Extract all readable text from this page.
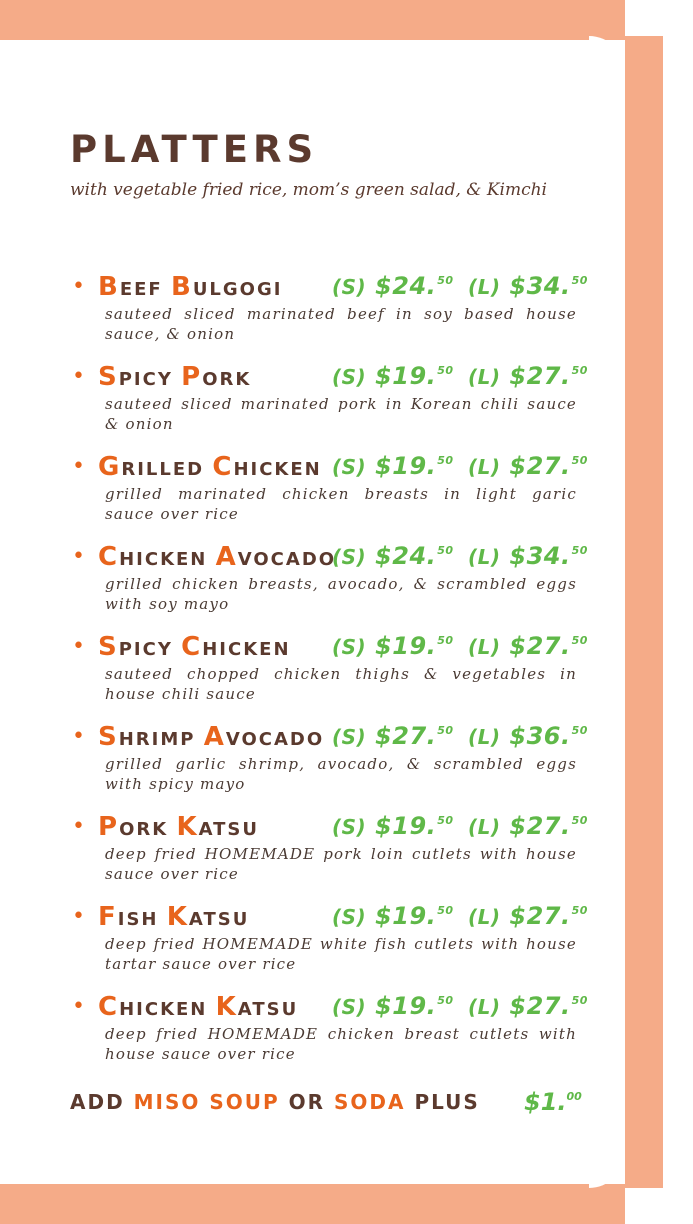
PLATTERS
with vegetable fried rice, mom’s green salad, & Kimchi
• BEEF BULGOGI (S) $24.50 (L) $34.50
sauteed sliced marinated beef in soy based house sauce, & onion
• SPICY PORK	(S) $19.50 (L) $27.50
sauteed sliced marinated pork in Korean chili sauce & onion
• GRILLED CHICKEN (S) $19.50 (L) $27.50
grilled marinated chicken breasts in light garic sauce over rice
• CHICKEN AVOCADO
(S) $24.50 (L) $34.50
grilled chicken breasts, avocado, & scrambled eggs with soy mayo
• SPICY CHICKEN (S) $19.50 (L) $27.50
sauteed chopped chicken thighs & vegetables in house chili sauce
• SHRIMP AVOCADO (S) $27.50 (L) $36.50
grilled garlic shrimp, avocado, & scrambled eggs with spicy mayo
• PORK KATSU	(S) $19.50 (L) $27.50
deep fried HOMEMADE pork loin cutlets with house sauce over rice
• FISH KATSU	(S) $19.50 (L) $27.50
deep fried HOMEMADE white fish cutlets with house tartar sauce over rice
• CHICKEN KATSU (S) $19.50 (L) $27.50
deep fried HOMEMADE chicken breast cutlets with house sauce over rice
ADD MISO SOUP OR SODA PLUS $1.00
